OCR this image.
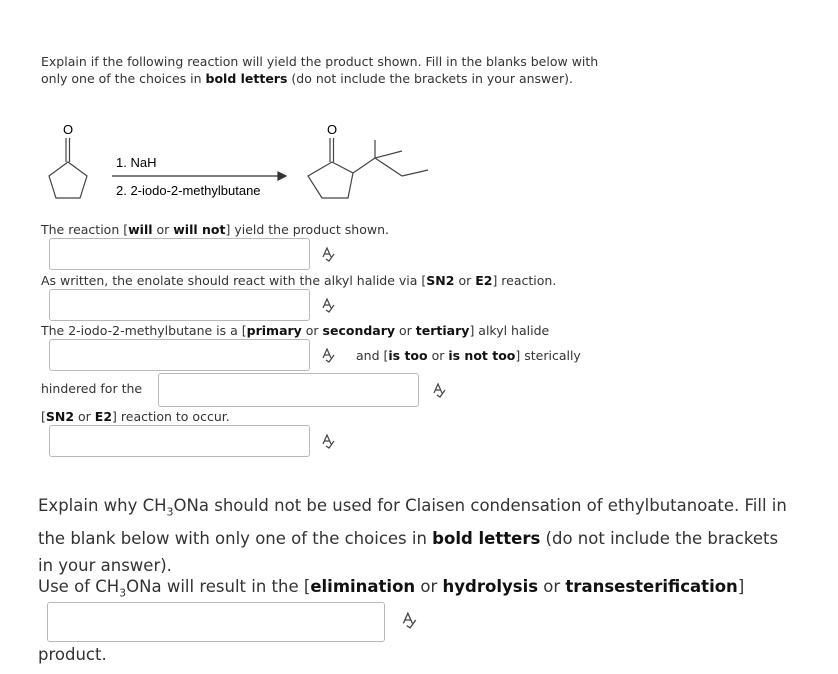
Explain if the following reaction will yield the product shown. Fill in the blanks below with only one of the choices in bold letters (do not include the brackets in your answer).
O
1. NaH
2. 2-iodo-2-methylbutane
O
The reaction [will or will not] yield the product shown.
As written, the enolate should react with the alkyl halide via [SN2 or E2] reaction.
The 2-iodo-2-methylbutane is a [primary or secondary or tertiary] alkyl halide
and [is too or is not too] sterically
hindered for the
[SN2 or E2] reaction to occur.
Explain why $CH_3ONa$ should not be used for Claisen condensation of ethylbutanoate. Fill in the blank below with only one of the choices in bold letters (do not include the brackets in your answer).
Use of $CH_3ONa$ will result in the [elimination or hydrolysis or transesterification]
product.
